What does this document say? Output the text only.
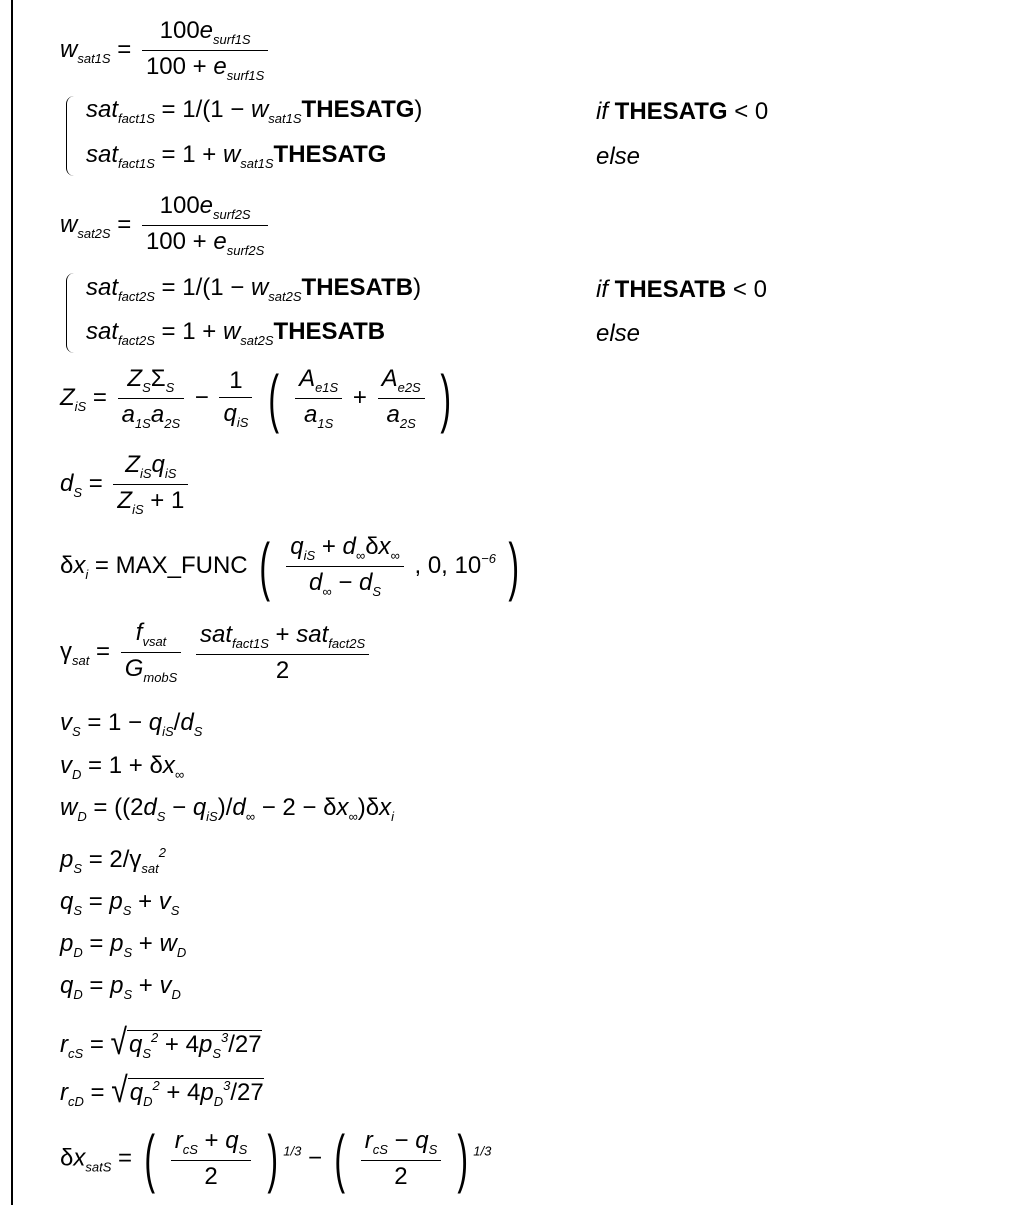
$w_{sat1S} = \frac{100e_{surf1S}}{100 + e_{surf1S}}$
$sat_{fact1S} = 1/(1 - w_{sat1S}THESATG)$
$sat_{fact1S} = 1 + w_{sat1S}THESATG$
if THESATG < 0
else
$w_{sat2S} = \frac{100e_{surf2S}}{100 + e_{surf2S}}$
$sat_{fact2S} = 1/(1 - w_{sat2S}THESATB)$
$sat_{fact2S} = 1 + w_{sat2S}THESATB$
if THESATB < 0
else
$Z_{iS} = \frac{Z_S\Sigma_S}{a_{1S}a_{2S}} - \frac{1}{q_{iS}}$ ( $\frac{A_{e1S}}{a_{1S}} + \frac{A_{e2S}}{a_{2S}}$ )
$d_S = \frac{Z_{iS}q_{iS}}{Z_{iS} + 1}$
$\delta x_i$ = MAX_FUNC ( $\frac{q_{iS} + d_\infty\delta x_\infty}{d_\infty - d_S}$ , 0, $10^{-6}$ )
$\gamma_{sat} = \frac{f_{vsat}}{G_{mobS}}$
$\frac{sat_{fact1S} + sat_{fact2S}}{2}$
$v_S = 1 - q_{iS}/d_S$
$v_D = 1 + \delta x_\infty$
$w_D = ((2d_S - q_{iS})/d_\infty - 2 - \delta x_\infty)\delta x_i$
$p_S = 2/\gamma_{sat}^2$
$q_S = p_S + v_S$
$p_D = p_S + w_D$
$q_D = p_S + v_D$
$r_{cS} = √q_S^2 + 4p_S^3/27$
$r_{cD} = √q_D^2 + 4p_D^3/27$
$\delta x_{satS}$ = ( $\frac{r_{cS} + q_S}{2}$ ) $^{1/3}$ − ( $\frac{r_{cS} - q_S}{2}$ ) $^{1/3}$
